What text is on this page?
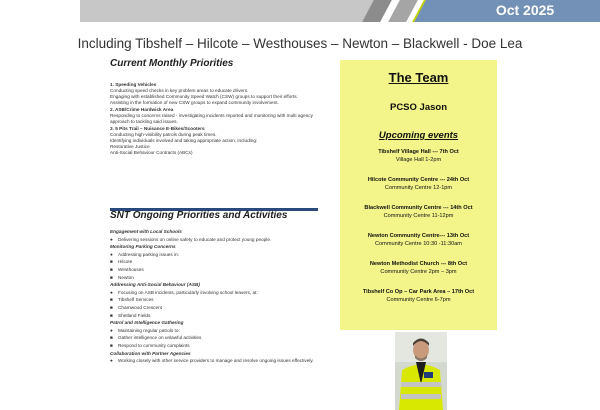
Oct 2025
Including Tibshelf – Hilcote – Westhouses – Newton – Blackwell - Doe Lea
Current Monthly Priorities

1. Speeding Vehicles

Conducting speed checks in key problem areas to educate drivers.

Engaging with established Community Speed Watch (CSW) groups to support their efforts.

Assisting in the formation of new CSW groups to expand community involvement.

2. ASB/Crime Hardwick Area

Responding to concerns raised - investigating incidents reported and monitoring with multi agency approach to tackling said issues.

3. 5 Pits Trail – Nuisance E-Bikes/Scooters

Conducting high-visibility patrols during peak times.

Identifying individuals involved and taking appropriate action, including:

Restorative Justice

Anti-Social Behaviour Contracts (ABCs)

SNT Ongoing Priorities and Activities

Engagement with Local Schools

● Delivering sessions on online safety to educate and protect young people.

Monitoring Parking Concerns

● Addressing parking issues in:

■ Hilcote

■ Westhouses

■ Newton

Addressing Anti-Social Behaviour (ASB)

● Focusing on ASB incidents, particularly involving school leavers, at:

■ Tibshelf Services

■ Charnwood Crescent

■ Shetland Fields

Patrol and Intelligence Gathering

● Maintaining regular patrols to:

■ Gather intelligence on unlawful activities

■ Respond to community complaints

Collaboration with Partner Agencies

● Working closely with other service providers to manage and resolve ongoing issues effectively.

The Team
PCSO Jason
Upcoming events
Tibshelf Village Hall --- 7th Oct
Village Hall 1-2pm
Hilcote Community Centre --- 24th Oct
Community Centre 12-1pm
Blackwell Community Centre --- 14th Oct
Community Centre 11-12pm
Newton Community Centre--- 13th Oct
Community Centre 10:30 -11:30am
Newton Methodist Church --- 8th Oct
Community Centre 2pm – 3pm
Tibshelf Co Op – Car Park Area – 17th Oct
Community Centre 6-7pm
